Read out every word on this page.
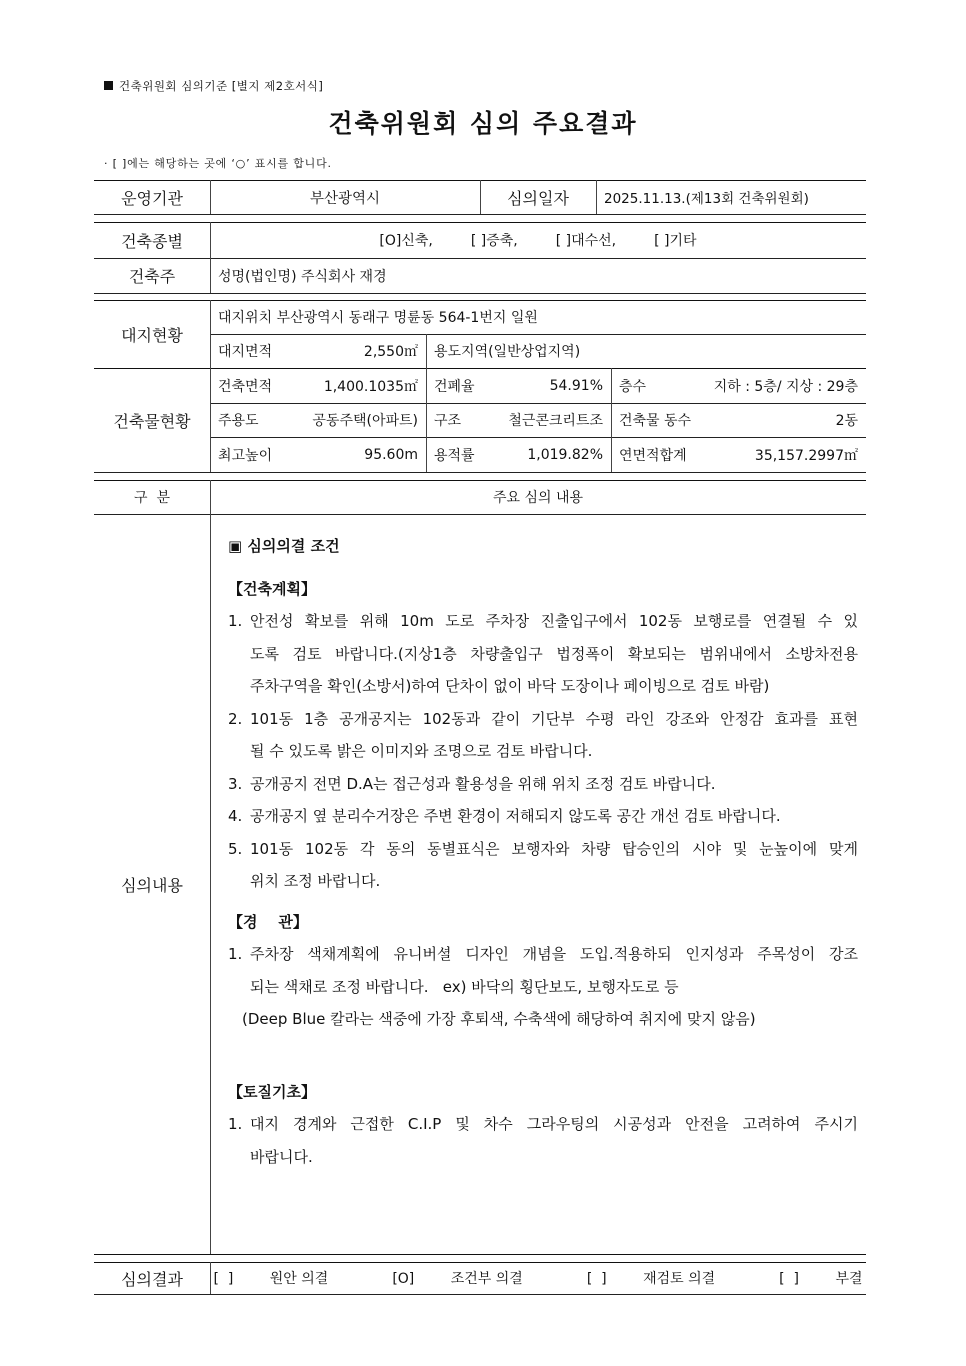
건축위원회 심의기준 [별지 제2호서식]
건축위원회 심의 주요결과
· [ ]에는 해당하는 곳에 ‘○’ 표시를 합니다.
운영기관	부산광역시	심의일자	2025.11.13.(제13회 건축위원회)
건축종별	[O]신축,	[ ]증축,	[ ]대수선,	[ ]기타
건축주	성명(법인명) 주식회사 재경
대지현황
대지위치 부산광역시 동래구 명륜동 564-1번지 일원
대지면적	2,550㎡ 용도지역(일반상업지역)
건축물현황
건축면적	1,400.1035㎡ 건폐율	54.91% 층수	지하 : 5층/ 지상 : 29층
주용도	공동주택(아파트) 구조	철근콘크리트조 건축물 동수	2동
최고높이	95.60m 용적률	1,019.82% 연면적합계	35,157.2997㎡
구  분	주요 심의 내용
심의내용
▣ 심의의결 조건
【건축계획】
1. 안전성 확보를 위해 10m 도로 주차장 진출입구에서 102동 보행로를 연결될 수 있
도록 검토 바랍니다.(지상1층 차량출입구 법정폭이 확보되는 범위내에서 소방차전용
주차구역을 확인(소방서)하여 단차이 없이 바닥 도장이나 페이빙으로 검토 바람)
2. 101동 1층 공개공지는 102동과 같이 기단부 수평 라인 강조와 안정감 효과를 표현
될 수 있도록 밝은 이미지와 조명으로 검토 바랍니다.
3. 공개공지 전면 D.A는 접근성과 활용성을 위해 위치 조정 검토 바랍니다.
4. 공개공지 옆 분리수거장은 주변 환경이 저해되지 않도록 공간 개선 검토 바랍니다.
5. 101동 102동 각 동의 동별표식은 보행자와 차량 탑승인의 시야 및 눈높이에 맞게
위치 조정 바랍니다.
【경    관】
1. 주차장 색채계획에 유니버셜 디자인 개념을 도입.적용하되 인지성과 주목성이 강조
되는 색채로 조정 바랍니다.   ex) 바닥의 횡단보도, 보행자도로 등
(Deep Blue 칼라는 색중에 가장 후퇴색, 수축색에 해당하여 취지에 맞지 않음)
【토질기초】
1. 대지 경계와 근접한 C.I.P 및 차수 그라우팅의 시공성과 안전을 고려하여 주시기
바랍니다.
심의결과	[  ]	원안 의결	[O]	조건부 의결	[  ]	재검토 의결	[  ]	부결
